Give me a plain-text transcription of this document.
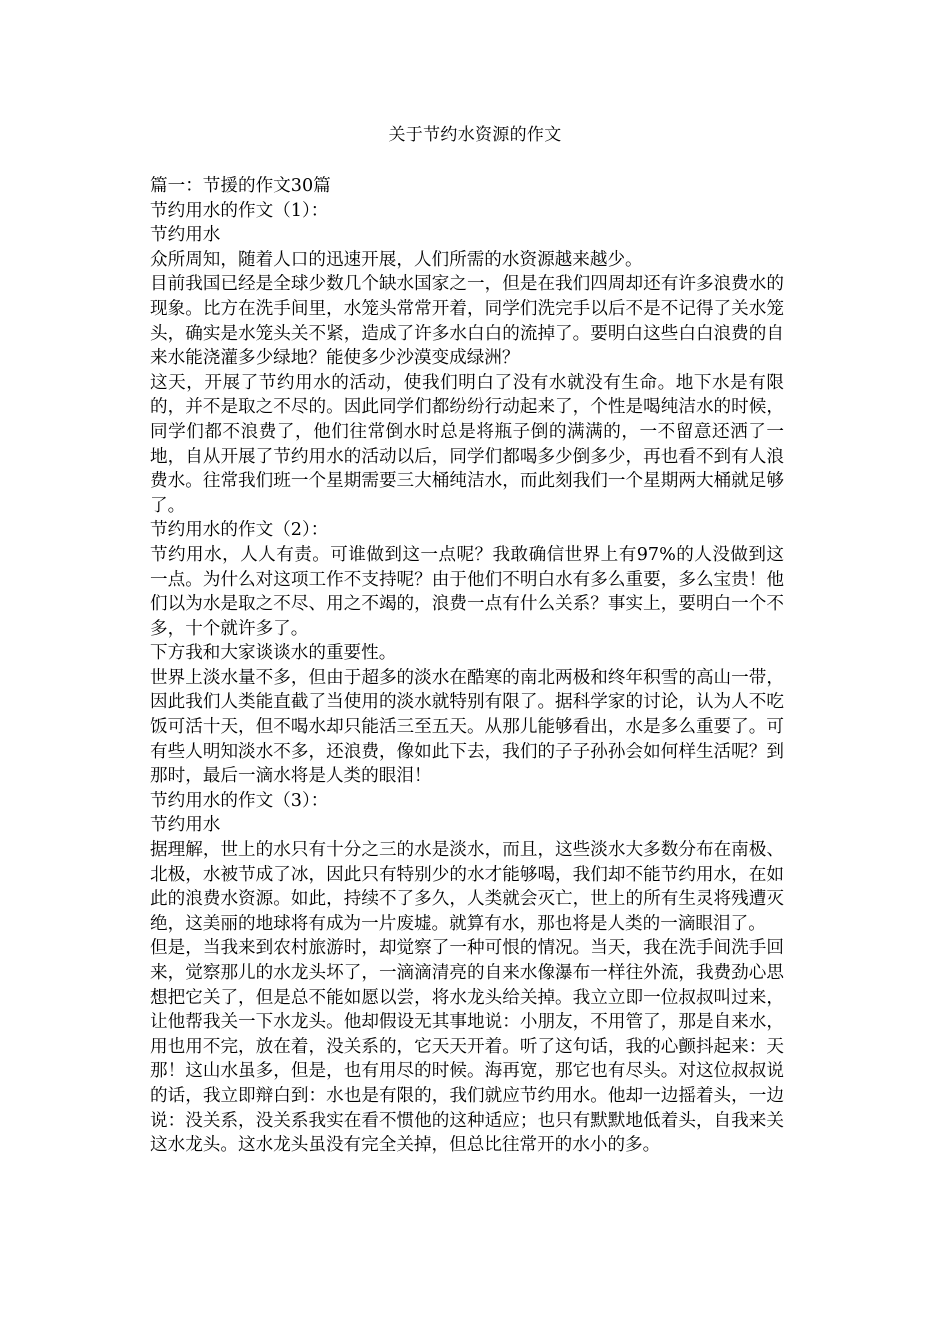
关于节约水资源的作文

篇一：节援的作文30篇

节约用水的作文（1）：

节约用水

众所周知，随着人口的迅速开展，人们所需的水资源越来越少。

目前我国已经是全球少数几个缺水国家之一，但是在我们四周却还有许多浪费水的现象。比方在洗手间里，水笼头常常开着，同学们洗完手以后不是不记得了关水笼头，确实是水笼头关不紧，造成了许多水白白的流掉了。要明白这些白白浪费的自来水能浇灌多少绿地？能使多少沙漠变成绿洲？

这天，开展了节约用水的活动，使我们明白了没有水就没有生命。地下水是有限的，并不是取之不尽的。因此同学们都纷纷行动起来了，个性是喝纯洁水的时候，同学们都不浪费了，他们往常倒水时总是将瓶子倒的满满的，一不留意还洒了一地，自从开展了节约用水的活动以后，同学们都喝多少倒多少，再也看不到有人浪费水。往常我们班一个星期需要三大桶纯洁水，而此刻我们一个星期两大桶就足够了。

节约用水的作文（2）：

节约用水，人人有责。可谁做到这一点呢？我敢确信世界上有97%的人没做到这一点。为什么对这项工作不支持呢？由于他们不明白水有多么重要，多么宝贵！他们以为水是取之不尽、用之不竭的，浪费一点有什么关系？事实上，要明白一个不多，十个就许多了。

下方我和大家谈谈水的重要性。

世界上淡水量不多，但由于超多的淡水在酷寒的南北两极和终年积雪的高山一带，因此我们人类能直截了当使用的淡水就特别有限了。据科学家的讨论，认为人不吃饭可活十天，但不喝水却只能活三至五天。从那儿能够看出，水是多么重要了。可有些人明知淡水不多，还浪费，像如此下去，我们的子子孙孙会如何样生活呢？到那时，最后一滴水将是人类的眼泪！

节约用水的作文（3）：

节约用水

据理解，世上的水只有十分之三的水是淡水，而且，这些淡水大多数分布在南极、北极，水被节成了冰，因此只有特别少的水才能够喝，我们却不能节约用水，在如此的浪费水资源。如此，持续不了多久，人类就会灭亡，世上的所有生灵将残遭灭绝，这美丽的地球将有成为一片废墟。就算有水，那也将是人类的一滴眼泪了。

但是，当我来到农村旅游时，却觉察了一种可恨的情况。当天，我在洗手间洗手回来，觉察那儿的水龙头坏了，一滴滴清亮的自来水像瀑布一样往外流，我费劲心思想把它关了，但是总不能如愿以尝，将水龙头给关掉。我立立即一位叔叔叫过来，让他帮我关一下水龙头。他却假设无其事地说：小朋友，不用管了，那是自来水，用也用不完，放在着，没关系的，它天天开着。听了这句话，我的心颤抖起来：天那！这山水虽多，但是，也有用尽的时候。海再宽，那它也有尽头。对这位叔叔说的话，我立即辩白到：水也是有限的，我们就应节约用水。他却一边摇着头，一边说：没关系，没关系我实在看不惯他的这种适应；也只有默默地低着头，自我来关这水龙头。这水龙头虽没有完全关掉，但总比往常开的水小的多。
